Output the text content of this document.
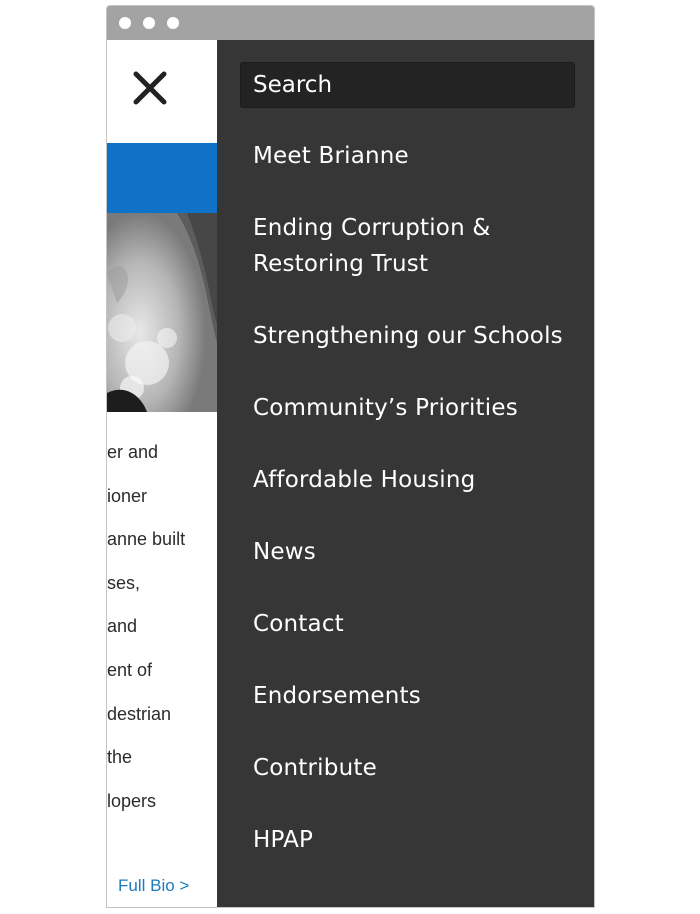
er and
ioner
anne built
ses,
and
ent of
destrian
the
lopers
Full Bio >
Search
Meet Brianne
Ending Corruption & Restoring Trust
Strengthening our Schools
Community’s Priorities
Affordable Housing
News
Contact
Endorsements
Contribute
HPAP
